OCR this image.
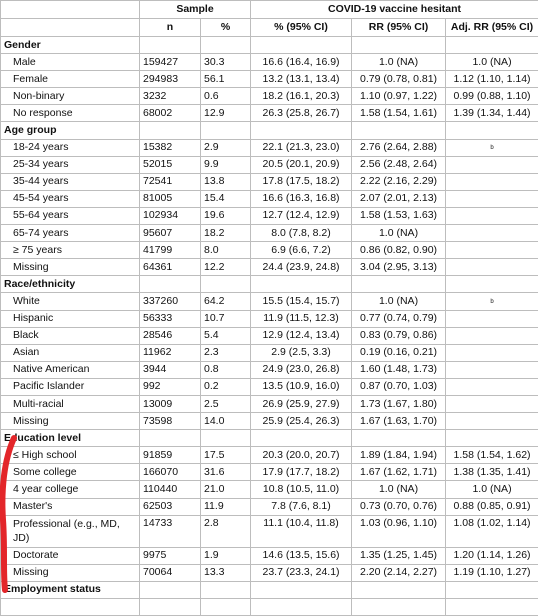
	Sample		COVID-19 vaccine hesitant		
	n	%	% (95% CI)	RR (95% CI)	Adj. RR (95% CI)
Gender					
Male	159427	30.3	16.6 (16.4, 16.9)	1.0 (NA)	1.0 (NA)
Female	294983	56.1	13.2 (13.1, 13.4)	0.79 (0.78, 0.81)	1.12 (1.10, 1.14)
Non-binary	3232	0.6	18.2 (16.1, 20.3)	1.10 (0.97, 1.22)	0.99 (0.88, 1.10)
No response	68002	12.9	26.3 (25.8, 26.7)	1.58 (1.54, 1.61)	1.39 (1.34, 1.44)
Age group					
18-24 years	15382	2.9	22.1 (21.3, 23.0)	2.76 (2.64, 2.88)	$^b$
25-34 years	52015	9.9	20.5 (20.1, 20.9)	2.56 (2.48, 2.64)	
35-44 years	72541	13.8	17.8 (17.5, 18.2)	2.22 (2.16, 2.29)	
45-54 years	81005	15.4	16.6 (16.3, 16.8)	2.07 (2.01, 2.13)	
55-64 years	102934	19.6	12.7 (12.4, 12.9)	1.58 (1.53, 1.63)	
65-74 years	95607	18.2	8.0 (7.8, 8.2)	1.0 (NA)	
≥ 75 years	41799	8.0	6.9 (6.6, 7.2)	0.86 (0.82, 0.90)	
Missing	64361	12.2	24.4 (23.9, 24.8)	3.04 (2.95, 3.13)	
Race/ethnicity					
White	337260	64.2	15.5 (15.4, 15.7)	1.0 (NA)	$^b$
Hispanic	56333	10.7	11.9 (11.5, 12.3)	0.77 (0.74, 0.79)	
Black	28546	5.4	12.9 (12.4, 13.4)	0.83 (0.79, 0.86)	
Asian	11962	2.3	2.9 (2.5, 3.3)	0.19 (0.16, 0.21)	
Native American	3944	0.8	24.9 (23.0, 26.8)	1.60 (1.48, 1.73)	
Pacific Islander	992	0.2	13.5 (10.9, 16.0)	0.87 (0.70, 1.03)	
Multi-racial	13009	2.5	26.9 (25.9, 27.9)	1.73 (1.67, 1.80)	
Missing	73598	14.0	25.9 (25.4, 26.3)	1.67 (1.63, 1.70)	
Education level					
≤ High school	91859	17.5	20.3 (20.0, 20.7)	1.89 (1.84, 1.94)	1.58 (1.54, 1.62)
Some college	166070	31.6	17.9 (17.7, 18.2)	1.67 (1.62, 1.71)	1.38 (1.35, 1.41)
4 year college	110440	21.0	10.8 (10.5, 11.0)	1.0 (NA)	1.0 (NA)
Master's	62503	11.9	7.8 (7.6, 8.1)	0.73 (0.70, 0.76)	0.88 (0.85, 0.91)
Professional (e.g., MD, JD)	14733	2.8	11.1 (10.4, 11.8)	1.03 (0.96, 1.10)	1.08 (1.02, 1.14)
Doctorate	9975	1.9	14.6 (13.5, 15.6)	1.35 (1.25, 1.45)	1.20 (1.14, 1.26)
Missing	70064	13.3	23.7 (23.3, 24.1)	2.20 (2.14, 2.27)	1.19 (1.10, 1.27)
Employment status					
